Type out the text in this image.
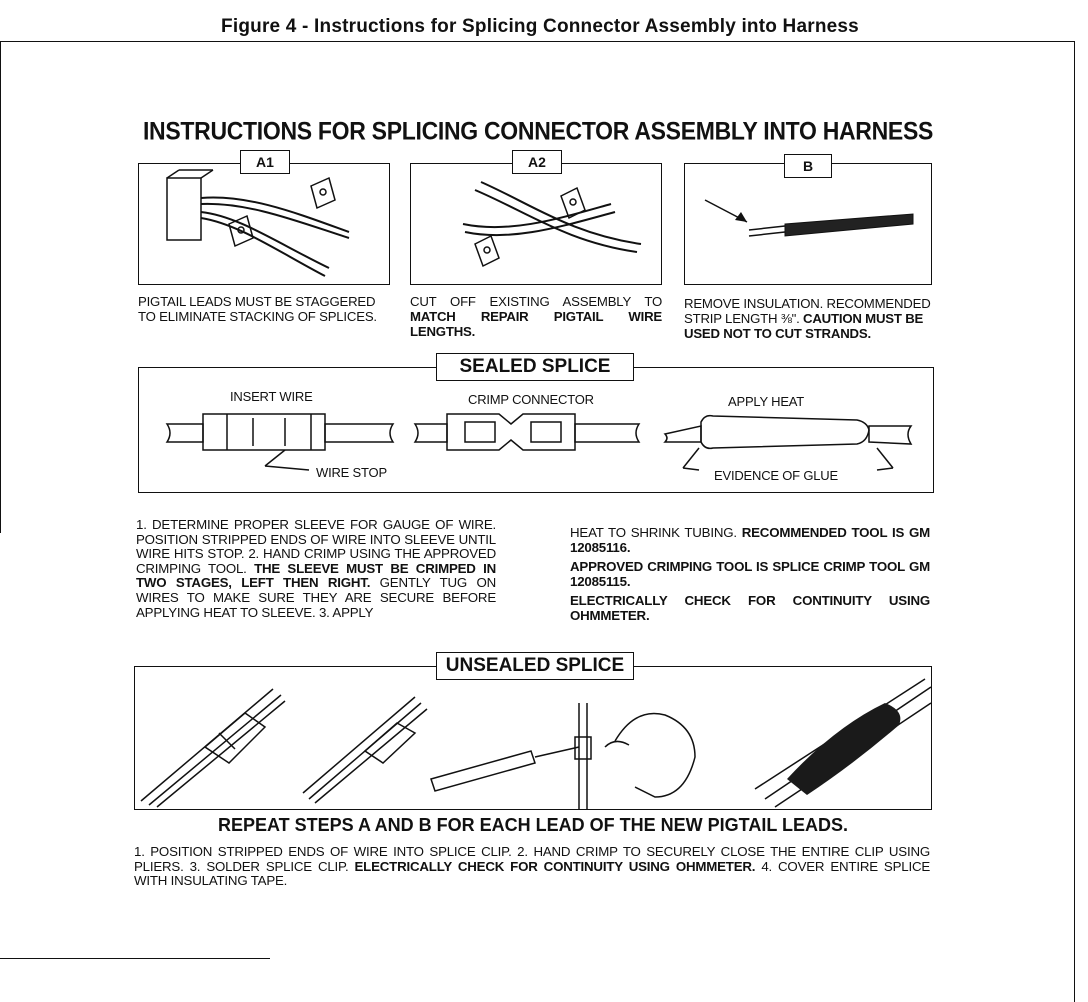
Figure 4 - Instructions for Splicing Connector Assembly into Harness
INSTRUCTIONS FOR SPLICING CONNECTOR ASSEMBLY INTO HARNESS
A1	A2	B
PIGTAIL LEADS MUST BE STAGGERED TO ELIMINATE STACKING OF SPLICES.
CUT OFF EXISTING ASSEMBLY TO MATCH REPAIR PIGTAIL WIRE LENGTHS.
REMOVE INSULATION. RECOMMENDED STRIP LENGTH ⅜". CAUTION MUST BE USED NOT TO CUT STRANDS.
SEALED SPLICE
INSERT WIRE
WIRE STOP
CRIMP CONNECTOR	APPLY HEAT
EVIDENCE OF GLUE
1. DETERMINE PROPER SLEEVE FOR GAUGE OF WIRE. POSITION STRIPPED ENDS OF WIRE INTO SLEEVE UNTIL WIRE HITS STOP. 2. HAND CRIMP USING THE APPROVED CRIMPING TOOL. THE SLEEVE MUST BE CRIMPED IN TWO STAGES, LEFT THEN RIGHT. GENTLY TUG ON WIRES TO MAKE SURE THEY ARE SECURE BEFORE APPLYING HEAT TO SLEEVE. 3. APPLY
HEAT TO SHRINK TUBING. RECOMMENDED TOOL IS GM 12085116.
APPROVED CRIMPING TOOL IS SPLICE CRIMP TOOL GM 12085115.
ELECTRICALLY CHECK FOR CONTINUITY USING OHMMETER.
UNSEALED SPLICE
REPEAT STEPS A AND B FOR EACH LEAD OF THE NEW PIGTAIL LEADS.
1. POSITION STRIPPED ENDS OF WIRE INTO SPLICE CLIP. 2. HAND CRIMP TO SECURELY CLOSE THE ENTIRE CLIP USING PLIERS. 3. SOLDER SPLICE CLIP. ELECTRICALLY CHECK FOR CONTINUITY USING OHMMETER. 4. COVER ENTIRE SPLICE WITH INSULATING TAPE.
